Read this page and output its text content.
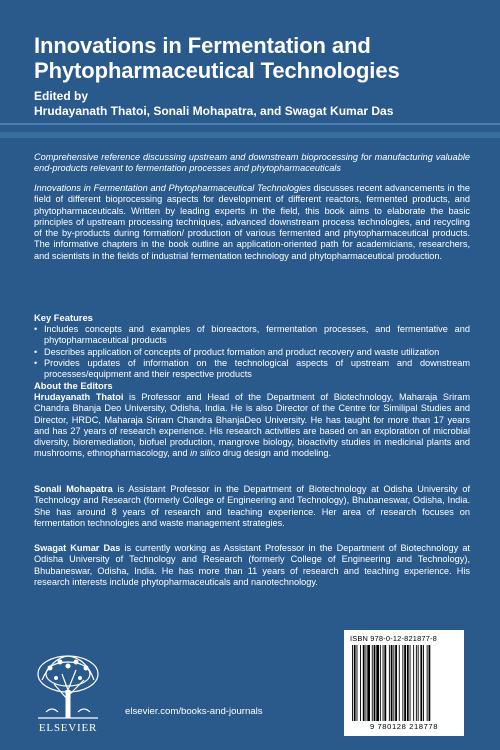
Innovations in Fermentation and
Phytopharmaceutical Technologies
Edited by
Hrudayanath Thatoi, Sonali Mohapatra, and Swagat Kumar Das
Comprehensive reference discussing upstream and downstream bioprocessing for manufacturing valuable end-products relevant to fermentation processes and phytopharmaceuticals
Innovations in Fermentation and Phytopharmaceutical Technologies discusses recent advancements in the field of different bioprocessing aspects for development of different reactors, fermented products, and phytopharmaceuticals. Written by leading experts in the field, this book aims to elaborate the basic principles of upstream processing techniques, advanced downstream process technologies, and recycling of the by-products during formation/ production of various fermented and phytopharmaceutical products. The informative chapters in the book outline an application-oriented path for academicians, researchers, and scientists in the fields of industrial fermentation technology and phytopharmaceutical production.
Key Features
• Includes concepts and examples of bioreactors, fermentation processes, and fermentative and phytopharmaceutical products
• Describes application of concepts of product formation and product recovery and waste utilization
• Provides updates of information on the technological aspects of upstream and downstream processes/equipment and their respective products
About the Editors
Hrudayanath Thatoi is Professor and Head of the Department of Biotechnology, Maharaja Sriram Chandra Bhanja Deo University, Odisha, India. He is also Director of the Centre for Similipal Studies and Director, HRDC, Maharaja Sriram Chandra BhanjaDeo University. He has taught for more than 17 years and has 27 years of research experience. His research activities are based on an exploration of microbial diversity, bioremediation, biofuel production, mangrove biology, bioactivity studies in medicinal plants and mushrooms, ethnopharmacology, and in silico drug design and modeling.
Sonali Mohapatra is Assistant Professor in the Department of Biotechnology at Odisha University of Technology and Research (formerly College of Engineering and Technology), Bhubaneswar, Odisha, India. She has around 8 years of research and teaching experience. Her area of research focuses on fermentation technologies and waste management strategies.
Swagat Kumar Das is currently working as Assistant Professor in the Department of Biotechnology at Odisha University of Technology and Research (formerly College of Engineering and Technology), Bhubaneswar, Odisha, India. He has more than 11 years of research and teaching experience. His research interests include phytopharmaceuticals and nanotechnology.
ISBN 978-0-12-821877-8
9 780128 218778
ELSEVIER
elsevier.com/books-and-journals
